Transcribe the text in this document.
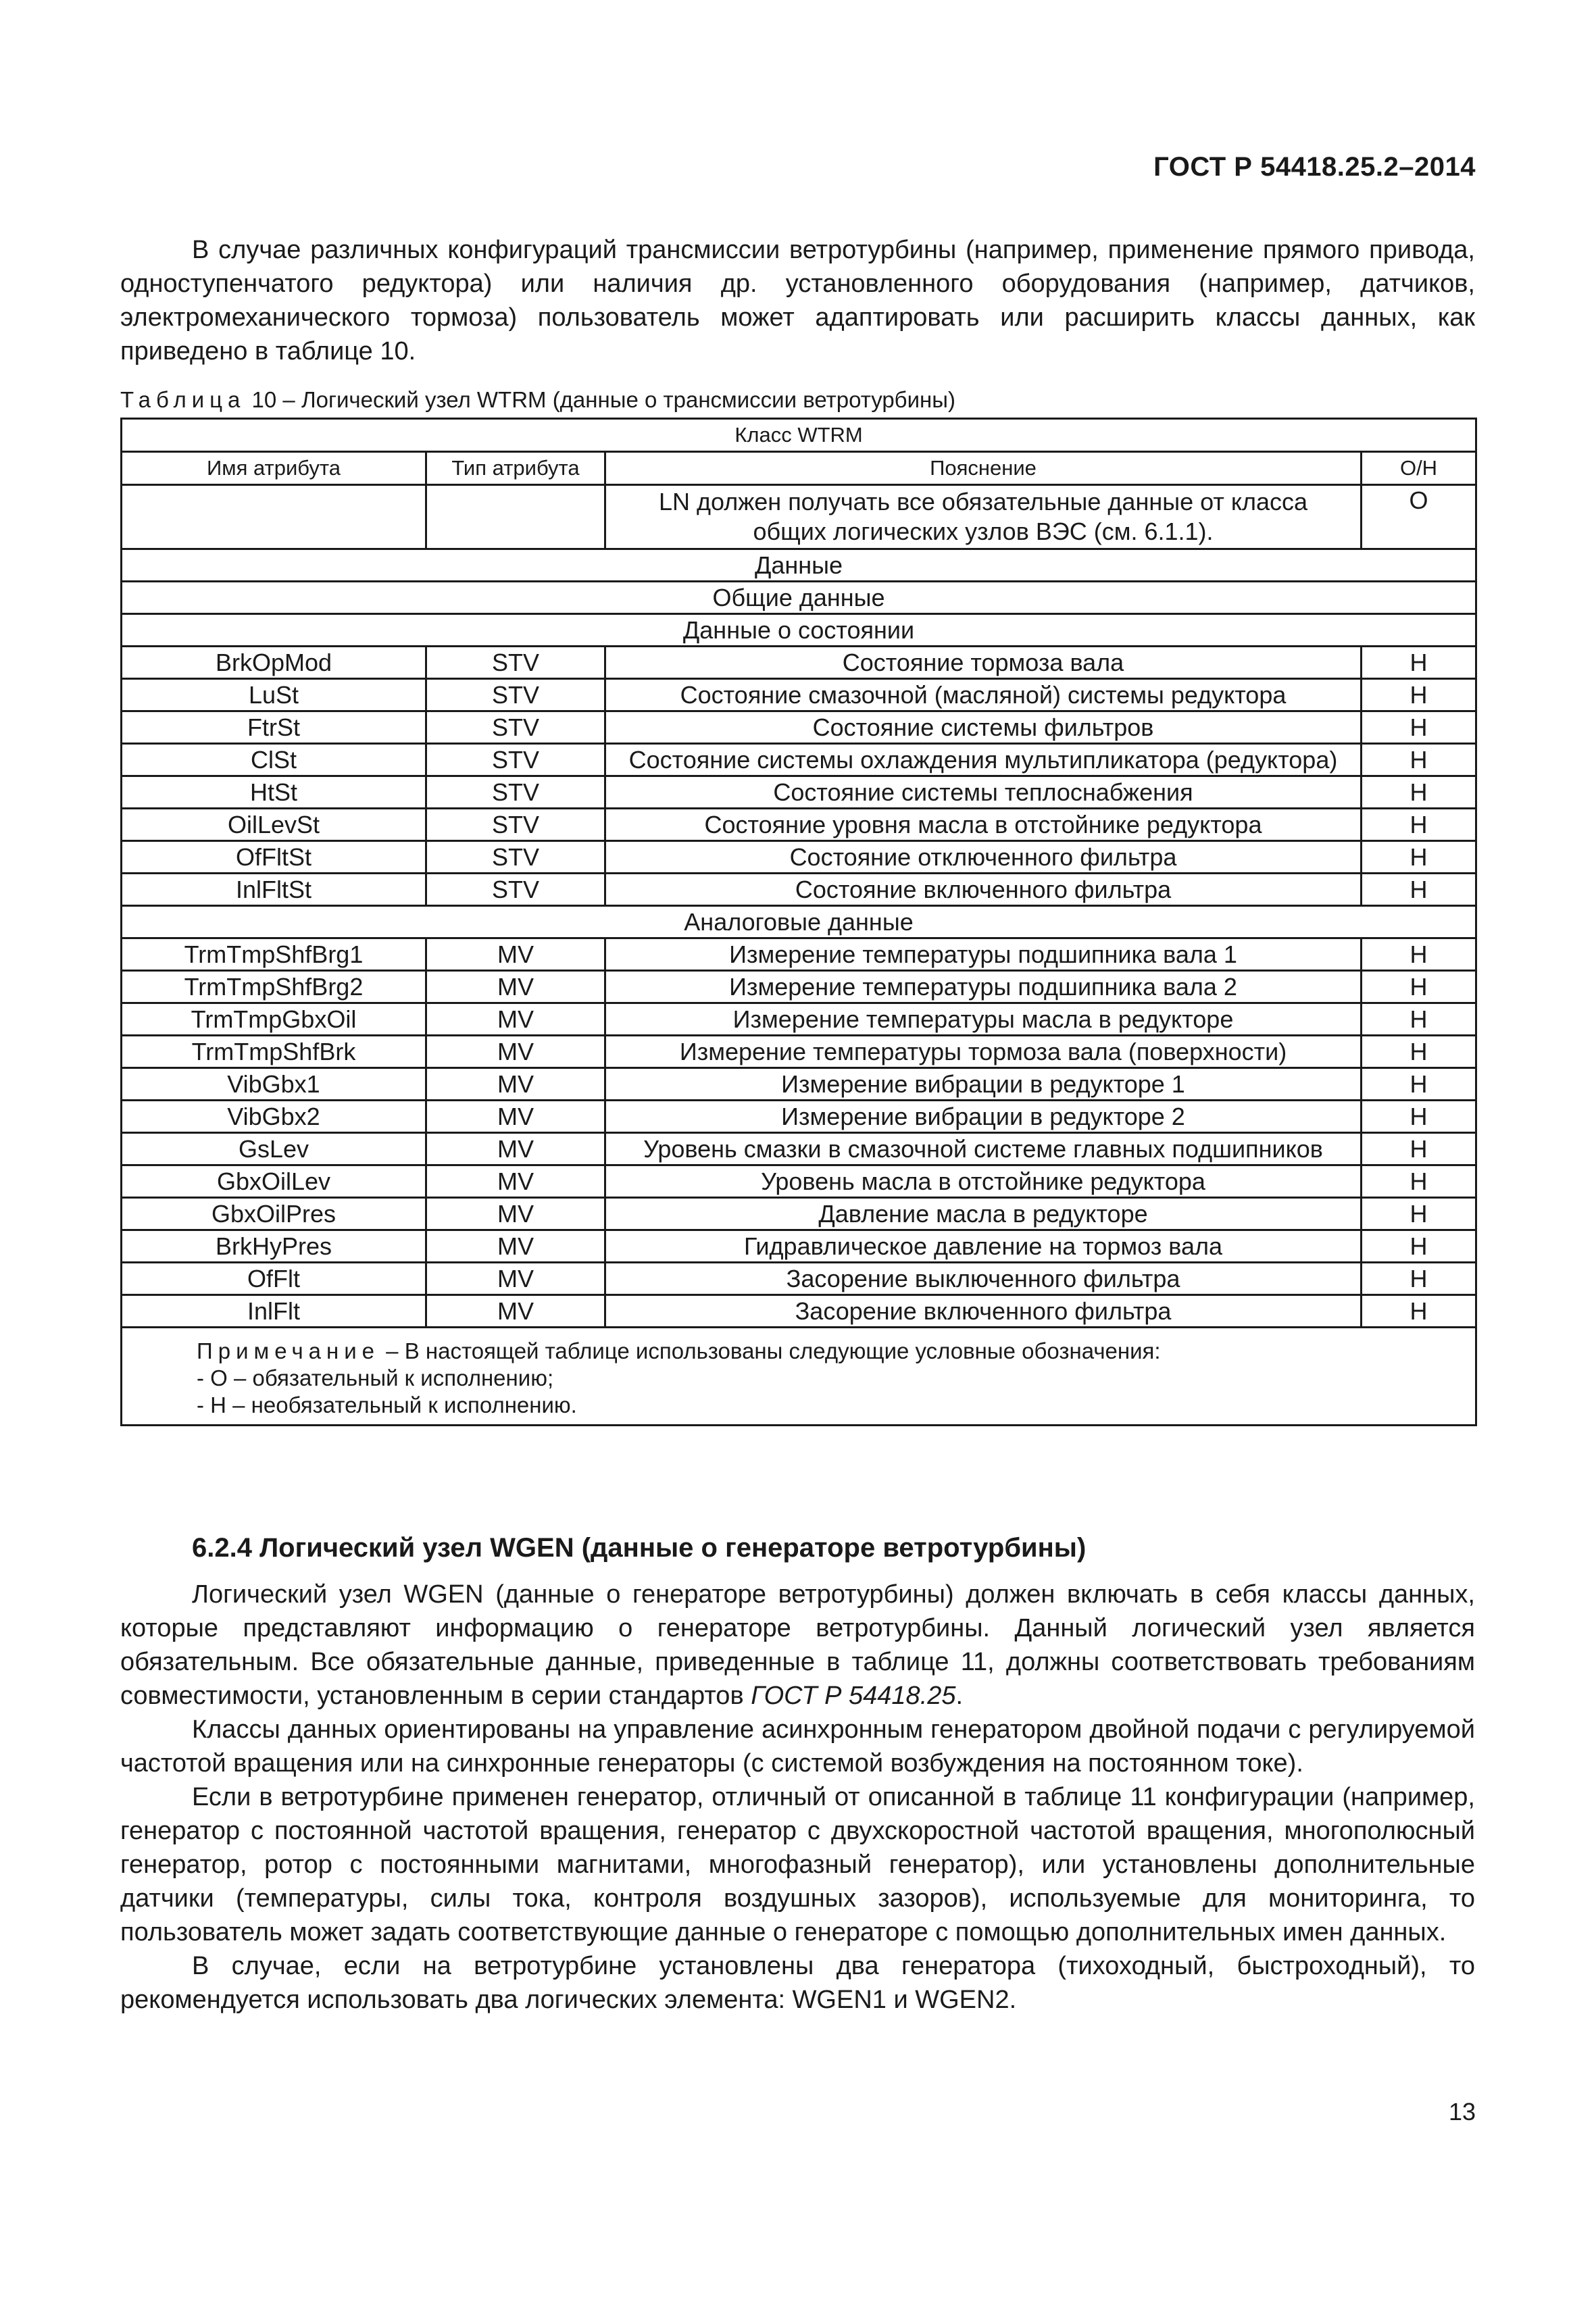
ГОСТ Р 54418.25.2–2014
В случае различных конфигураций трансмиссии ветротурбины (например, применение прямого привода, одноступенчатого редуктора) или наличия др. установленного оборудования (например, датчиков, электромеханического тормоза) пользователь может адаптировать или расширить классы данных, как приведено в таблице 10.
Таблица 10 – Логический узел WTRM (данные о трансмиссии ветротурбины)
Класс WTRM			
Имя атрибута	Тип атрибута	Пояснение	О/Н
		LN должен получать все обязательные данные от класса общих логических узлов ВЭС (см. 6.1.1).	О
Данные			
Общие данные			
Данные о состоянии			
BrkOpMod	STV	Состояние тормоза вала	Н
LuSt	STV	Состояние смазочной (масляной) системы редуктора	Н
FtrSt	STV	Состояние системы фильтров	Н
ClSt	STV	Состояние системы охлаждения мультипликатора (редуктора)	Н
HtSt	STV	Состояние системы теплоснабжения	Н
OilLevSt	STV	Состояние уровня масла в отстойнике редуктора	Н
OfFltSt	STV	Состояние отключенного фильтра	Н
InlFltSt	STV	Состояние включенного фильтра	Н
Аналоговые данные			
TrmTmpShfBrg1	MV	Измерение температуры подшипника вала 1	Н
TrmTmpShfBrg2	MV	Измерение температуры подшипника вала 2	Н
TrmTmpGbxOil	MV	Измерение температуры масла в редукторе	Н
TrmTmpShfBrk	MV	Измерение температуры тормоза вала (поверхности)	Н
VibGbx1	MV	Измерение вибрации в редукторе 1	Н
VibGbx2	MV	Измерение вибрации в редукторе 2	Н
GsLev	MV	Уровень смазки в смазочной системе главных подшипников	Н
GbxOilLev	MV	Уровень масла в отстойнике редуктора	Н
GbxOilPres	MV	Давление масла в редукторе	Н
BrkHyPres	MV	Гидравлическое давление на тормоз вала	Н
OfFlt	MV	Засорение выключенного фильтра	Н
InlFlt	MV	Засорение включенного фильтра	Н

Примечание – В настоящей таблице использованы следующие условные обозначения:
- О – обязательный к исполнению;
- Н – необязательный к исполнению.			
6.2.4 Логический узел WGEN (данные о генераторе ветротурбины)

Логический узел WGEN (данные о генераторе ветротурбины) должен включать в себя классы данных, которые представляют информацию о генераторе ветротурбины. Данный логический узел является обязательным. Все обязательные данные, приведенные в таблице 11, должны соответствовать требованиям совместимости, установленным в серии стандартов ГОСТ Р 54418.25.

Классы данных ориентированы на управление асинхронным генератором двойной подачи с регулируемой частотой вращения или на синхронные генераторы (с системой возбуждения на постоянном токе).

Если в ветротурбине применен генератор, отличный от описанной в таблице 11 конфигурации (например, генератор с постоянной частотой вращения, генератор с двухскоростной частотой вращения, многополюсный генератор, ротор с постоянными магнитами, многофазный генератор), или установлены дополнительные датчики (температуры, силы тока, контроля воздушных зазоров), используемые для мониторинга, то пользователь может задать соответствующие данные о генераторе с помощью дополнительных имен данных.

В случае, если на ветротурбине установлены два генератора (тихоходный, быстроходный), то рекомендуется использовать два логических элемента: WGEN1 и WGEN2.

13
